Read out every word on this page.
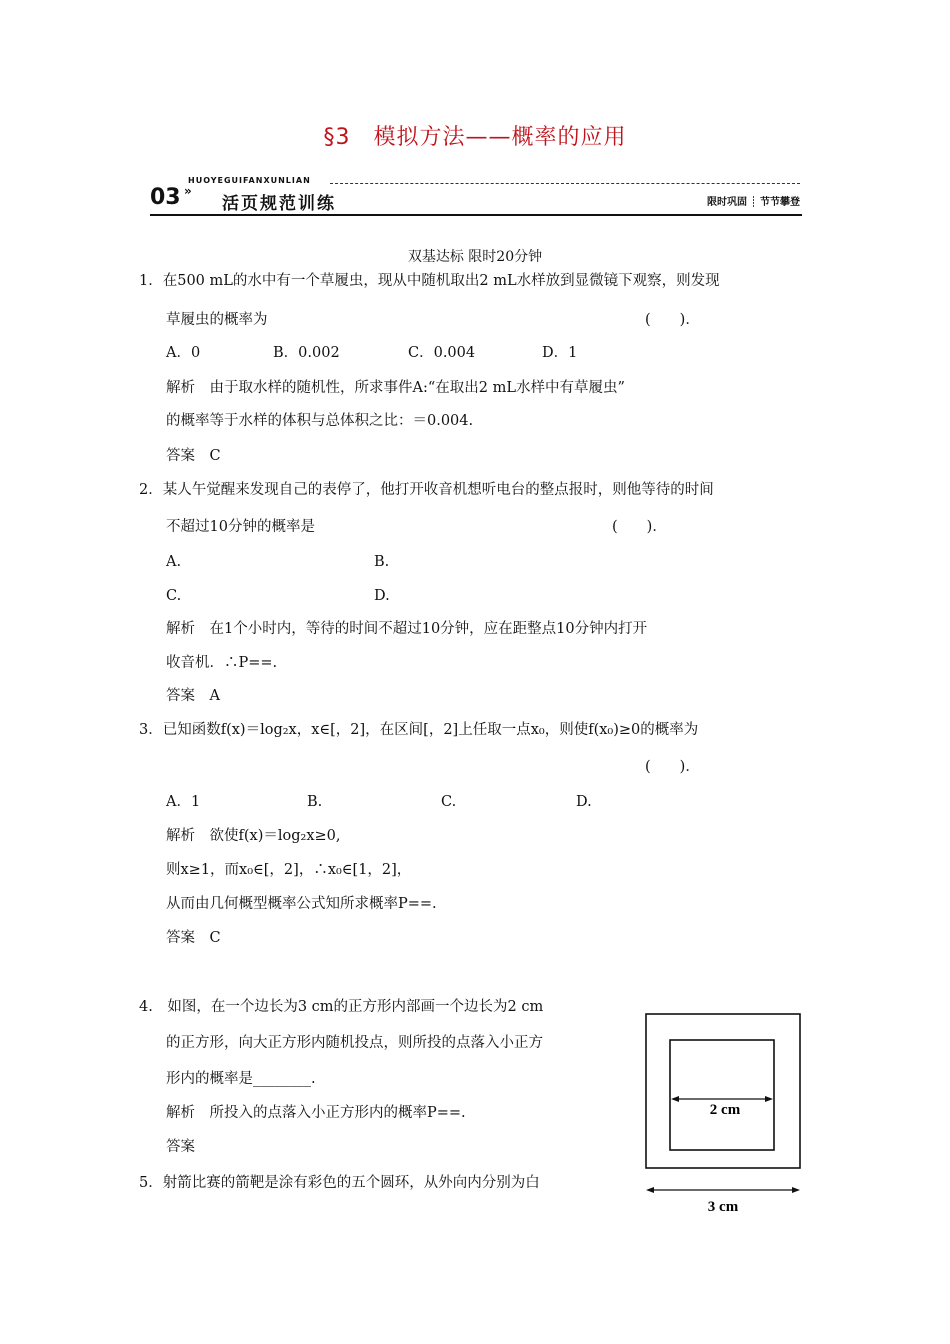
§3　模拟方法——概率的应用
03 »
HUOYEGUIFANXUNLIAN
活页规范训练	限时巩固 ┊ 节节攀登
双基达标 限时20分钟
1．在500 mL的水中有一个草履虫，现从中随机取出2 mL水样放到显微镜下观察，则发现
草履虫的概率为	(　　)．
A．0	B．0.002	C．0.004	D．1
解析　由于取水样的随机性，所求事件A:“在取出2 mL水样中有草履虫”
的概率等于水样的体积与总体积之比：＝0.004.
答案　C
2．某人午觉醒来发现自己的表停了，他打开收音机想听电台的整点报时，则他等待的时间
不超过10分钟的概率是	(　　)．
A.	B.
C.	D.
解析　在1个小时内，等待的时间不超过10分钟，应在距整点10分钟内打开
收音机．∴P==.
答案　A
3．已知函数f(x)＝log₂x，x∈[，2]，在区间[，2]上任取一点x₀，则使f(x₀)≥0的概率为
(　　)．
A．1	B.	C.	D.
解析　欲使f(x)＝log₂x≥0,
则x≥1，而x₀∈[，2]，∴x₀∈[1，2]，
从而由几何概型概率公式知所求概率P==.
答案　C
4.　如图，在一个边长为3 cm的正方形内部画一个边长为2 cm
的正方形，向大正方形内随机投点，则所投的点落入小正方
形内的概率是________.
解析　所投入的点落入小正方形内的概率P==.
答案
5．射箭比赛的箭靶是涂有彩色的五个圆环，从外向内分别为白
2 cm
3 cm
